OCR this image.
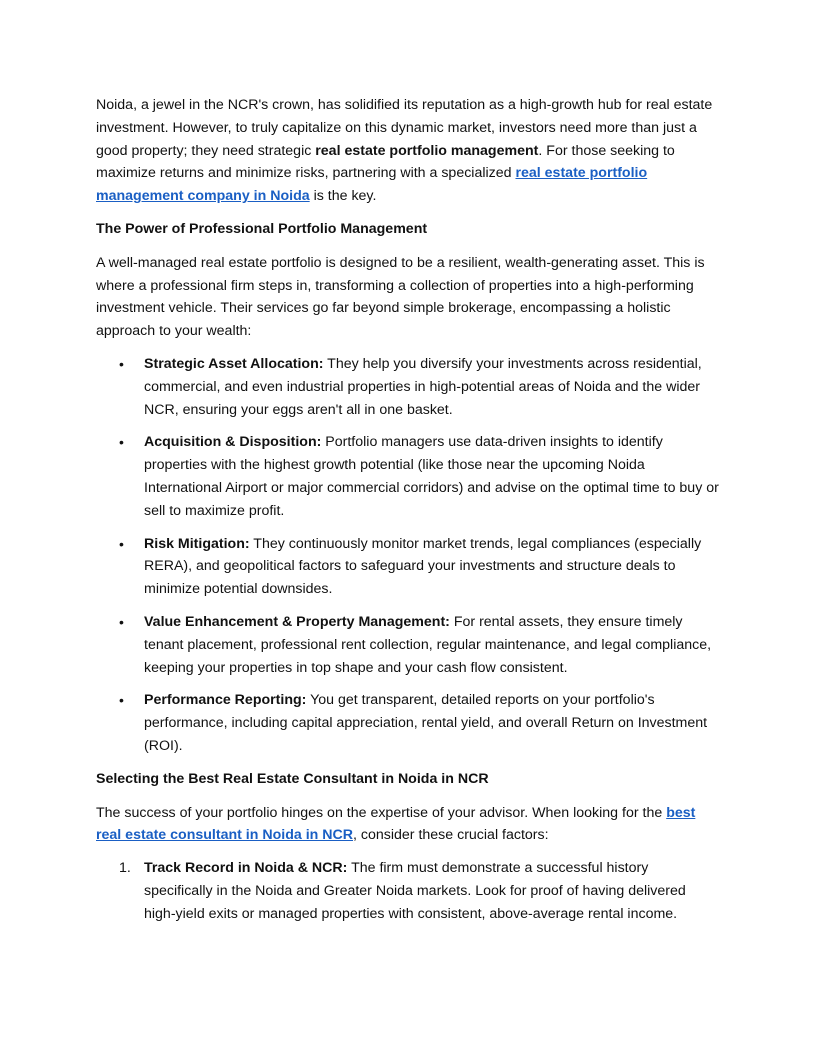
Noida, a jewel in the NCR's crown, has solidified its reputation as a high-growth hub for real estate investment. However, to truly capitalize on this dynamic market, investors need more than just a good property; they need strategic real estate portfolio management. For those seeking to maximize returns and minimize risks, partnering with a specialized real estate portfolio management company in Noida is the key.

The Power of Professional Portfolio Management

A well-managed real estate portfolio is designed to be a resilient, wealth-generating asset. This is where a professional firm steps in, transforming a collection of properties into a high-performing investment vehicle. Their services go far beyond simple brokerage, encompassing a holistic approach to your wealth:

• Strategic Asset Allocation: They help you diversify your investments across residential, commercial, and even industrial properties in high-potential areas of Noida and the wider NCR, ensuring your eggs aren't all in one basket.
• Acquisition & Disposition: Portfolio managers use data-driven insights to identify properties with the highest growth potential (like those near the upcoming Noida International Airport or major commercial corridors) and advise on the optimal time to buy or sell to maximize profit.
• Risk Mitigation: They continuously monitor market trends, legal compliances (especially RERA), and geopolitical factors to safeguard your investments and structure deals to minimize potential downsides.
• Value Enhancement & Property Management: For rental assets, they ensure timely tenant placement, professional rent collection, regular maintenance, and legal compliance, keeping your properties in top shape and your cash flow consistent.
• Performance Reporting: You get transparent, detailed reports on your portfolio's performance, including capital appreciation, rental yield, and overall Return on Investment (ROI).

Selecting the Best Real Estate Consultant in Noida in NCR

The success of your portfolio hinges on the expertise of your advisor. When looking for the best real estate consultant in Noida in NCR, consider these crucial factors:

1. Track Record in Noida & NCR: The firm must demonstrate a successful history specifically in the Noida and Greater Noida markets. Look for proof of having delivered high-yield exits or managed properties with consistent, above-average rental income.
